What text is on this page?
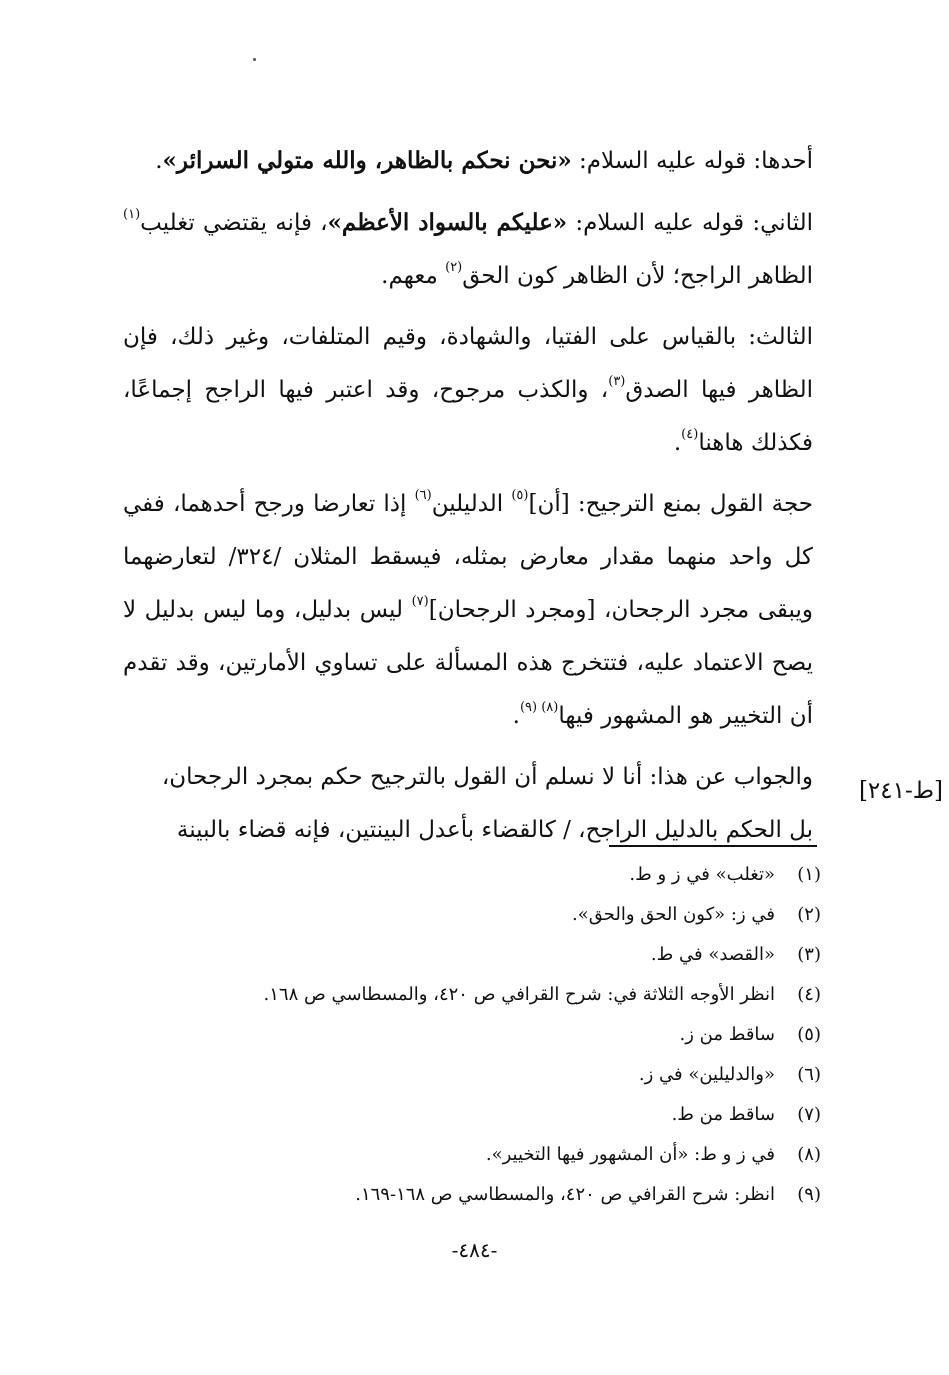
أحدها: قوله عليه السلام: «نحن نحكم بالظاهر، والله متولي السرائر».

الثاني: قوله عليه السلام: «عليكم بالسواد الأعظم»، فإنه يقتضي تغليب$^{(١)}$ الظاهر الراجح؛ لأن الظاهر كون الحق$^{(٢)}$ معهم.

الثالث: بالقياس على الفتيا، والشهادة، وقيم المتلفات، وغير ذلك، فإن الظاهر فيها الصدق$^{(٣)}$، والكذب مرجوح، وقد اعتبر فيها الراجح إجماعًا، فكذلك هاهنا$^{(٤)}$.

حجة القول بمنع الترجيح: [أن]$^{(٥)}$ الدليلين$^{(٦)}$ إذا تعارضا ورجح أحدهما، ففي كل واحد منهما مقدار معارض بمثله، فيسقط المثلان /٣٢٤/ لتعارضهما ويبقى مجرد الرجحان، [ومجرد الرجحان]$^{(٧)}$ ليس بدليل، وما ليس بدليل لا يصح الاعتماد عليه، فتتخرج هذه المسألة على تساوي الأمارتين، وقد تقدم أن التخيير هو المشهور فيها$^{(٨) (٩)}$.

والجواب عن هذا: أنا لا نسلم أن القول بالترجيح حكم بمجرد الرجحان،
بل الحكم بالدليل الراجح، / كالقضاء بأعدل البينتين، فإنه قضاء بالبينة

[ط-٢٤١]
(١)
«تغلب» في ز و ط.
(٢)
في ز: «كون الحق والحق».
(٣)
«القصد» في ط.
(٤)
انظر الأوجه الثلاثة في: شرح القرافي ص ٤٢٠، والمسطاسي ص ١٦٨.
(٥)
ساقط من ز.
(٦)
«والدليلين» في ز.
(٧)
ساقط من ط.
(٨)
في ز و ط: «أن المشهور فيها التخيير».
(٩)
انظر: شرح القرافي ص ٤٢٠، والمسطاسي ص ١٦٨-١٦٩.
-٤٨٤-
